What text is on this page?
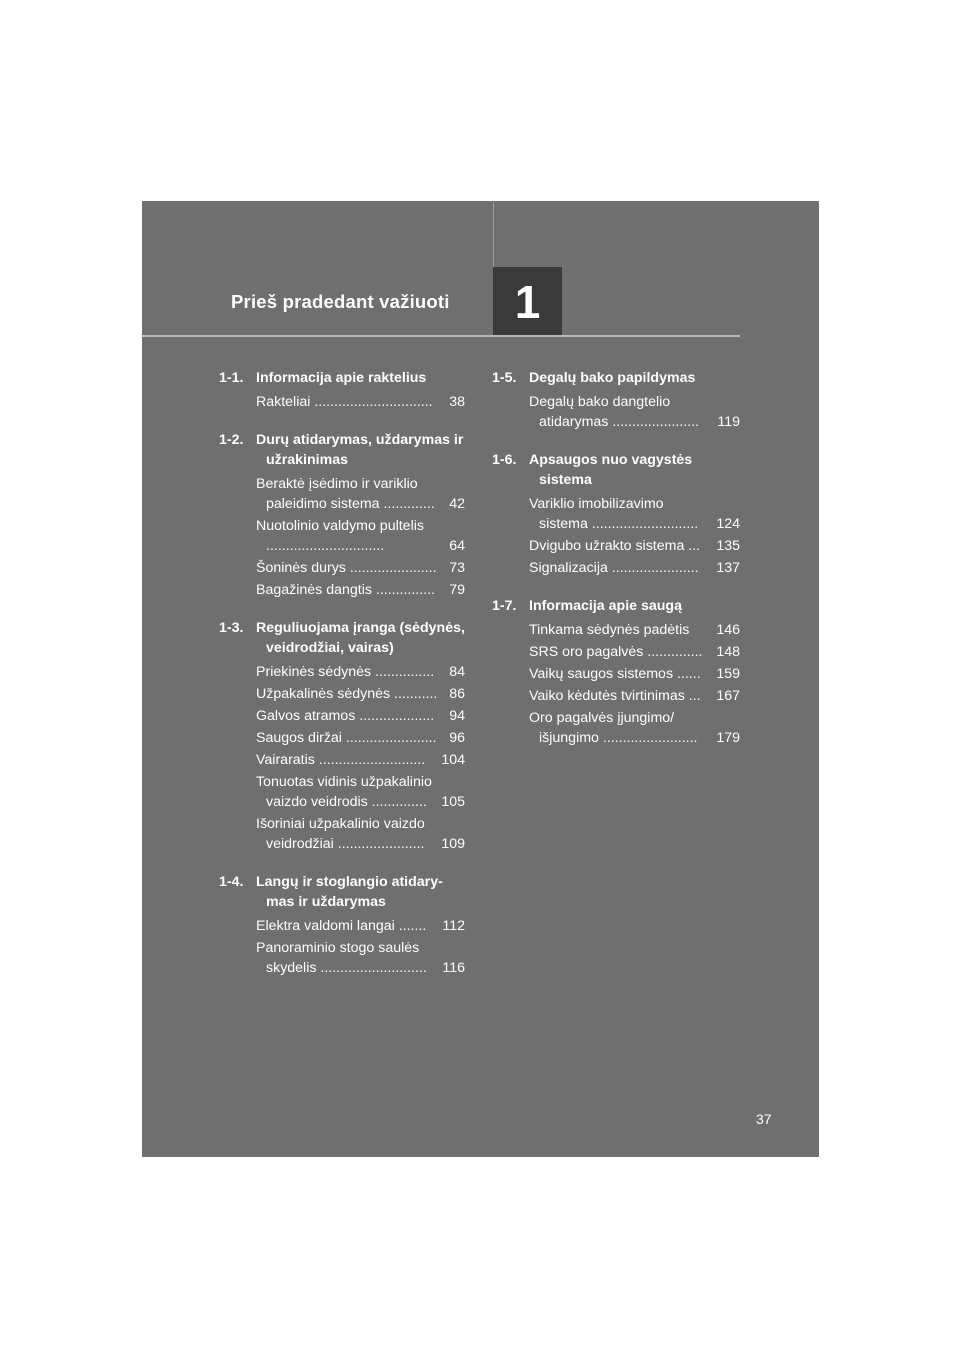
Prieš pradedant važiuoti 1
1-1. Informacija apie raktelius
Rakteliai ..............................	38
1-2. Durų atidarymas, uždarymas ir užrakinimas
Beraktė įsėdimo ir variklio paleidimo sistema .............	42
Nuotolinio valdymo pultelis ..............................	64
Šoninės durys ...................... 73
Bagažinės dangtis ...............	79
1-3. Reguliuojama įranga (sėdynės, veidrodžiai, vairas)
Priekinės sėdynės ...............	84
Užpakalinės sėdynės ........... 86
Galvos atramos ...................	94
Saugos diržai ....................... 96
Vairaratis ...........................	104
Tonuotas vidinis užpakalinio vaizdo veidrodis ..............	105
Išoriniai užpakalinio vaizdo veidrodžiai ......................	109
1-4. Langų ir stoglangio atidary- mas ir uždarymas
Elektra valdomi langai .......	112
Panoraminio stogo saulės skydelis ...........................	116
1-5. Degalų bako papildymas
Degalų bako dangtelio atidarymas ......................	119
1-6. Apsaugos nuo vagystės sistema
Variklio imobilizavimo sistema ...........................	124
Dvigubo užrakto sistema ...	135
Signalizacija ......................	137
1-7. Informacija apie saugą
Tinkama sėdynės padėtis	146
SRS oro pagalvės .............. 148
Vaikų saugos sistemos ......	159
Vaiko kėdutės tvirtinimas ...	167
Oro pagalvės įjungimo/ išjungimo ........................	179
37
